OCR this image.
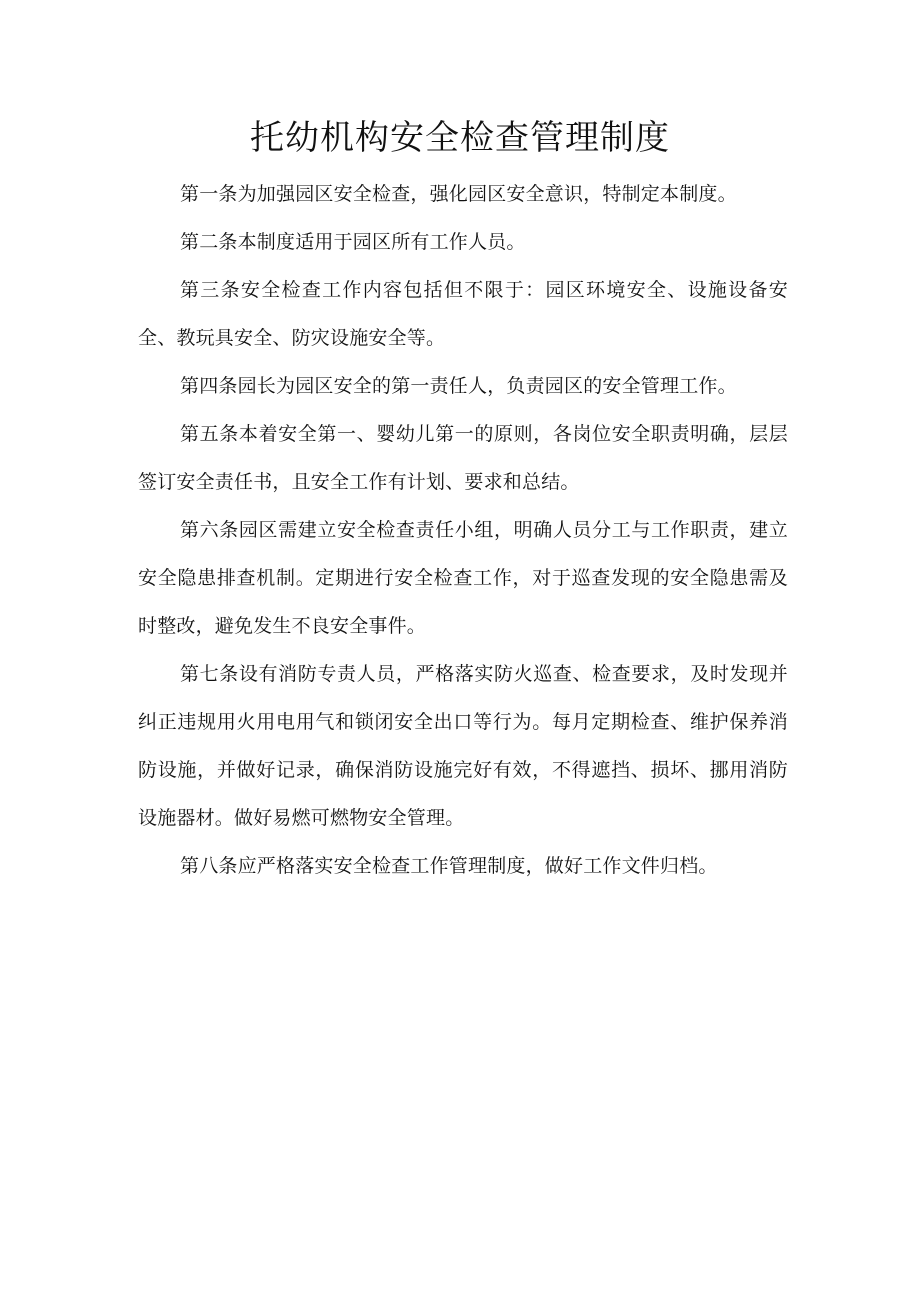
托幼机构安全检查管理制度

第一条为加强园区安全检查，强化园区安全意识，特制定本制度。

第二条本制度适用于园区所有工作人员。

第三条安全检查工作内容包括但不限于：园区环境安全、设施设备安全、教玩具安全、防灾设施安全等。

第四条园长为园区安全的第一责任人，负责园区的安全管理工作。

第五条本着安全第一、婴幼儿第一的原则，各岗位安全职责明确，层层签订安全责任书，且安全工作有计划、要求和总结。

第六条园区需建立安全检查责任小组，明确人员分工与工作职责，建立安全隐患排查机制。定期进行安全检查工作，对于巡查发现的安全隐患需及时整改，避免发生不良安全事件。

第七条设有消防专责人员，严格落实防火巡查、检查要求，及时发现并纠正违规用火用电用气和锁闭安全出口等行为。每月定期检查、维护保养消防设施，并做好记录，确保消防设施完好有效，不得遮挡、损坏、挪用消防设施器材。做好易燃可燃物安全管理。

第八条应严格落实安全检查工作管理制度，做好工作文件归档。
